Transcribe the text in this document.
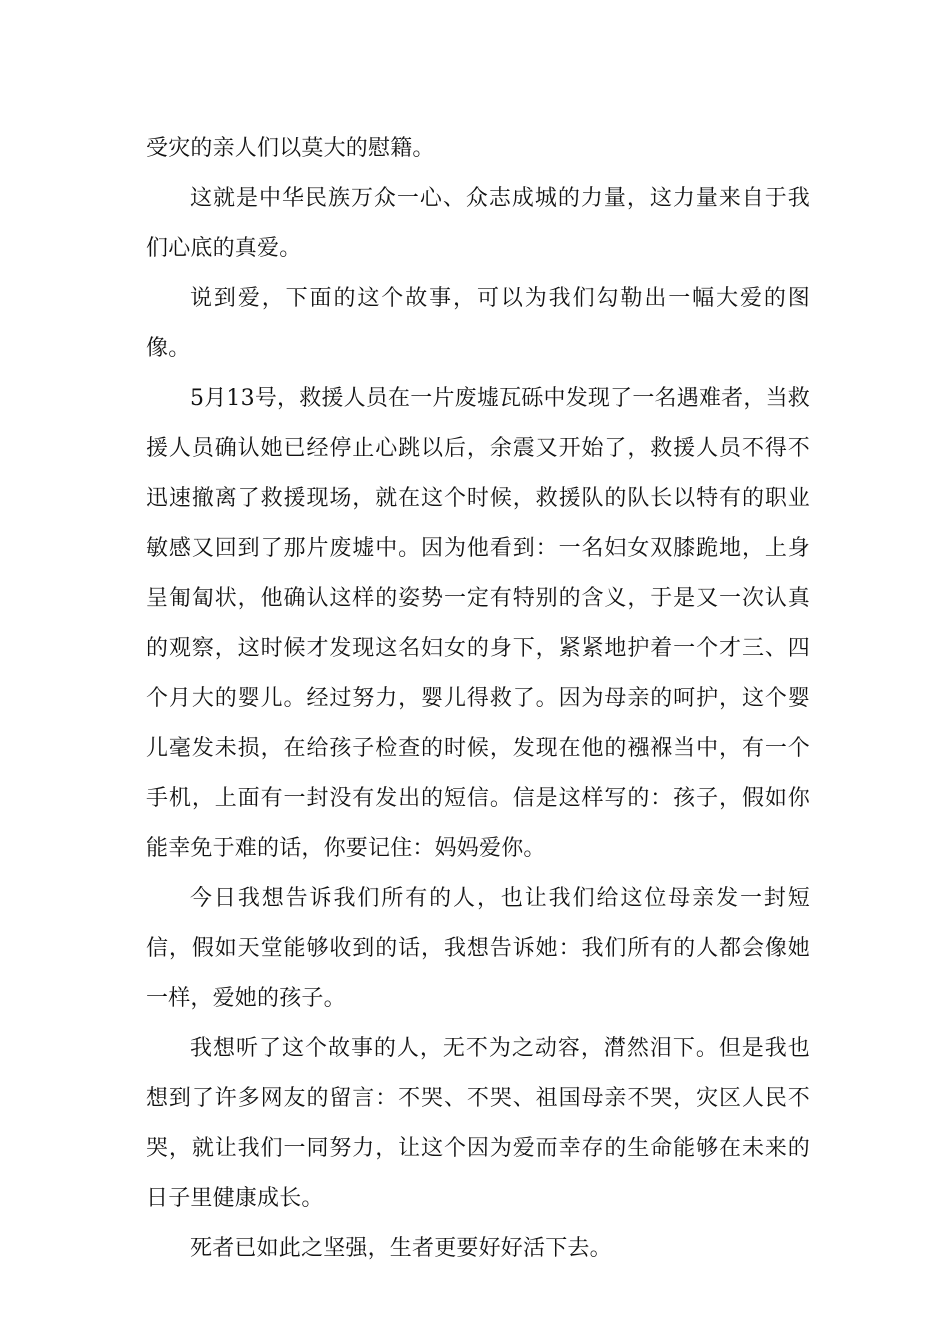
受灾的亲人们以莫大的慰籍。

这就是中华民族万众一心、众志成城的力量，这力量来自于我们心底的真爱。

说到爱，下面的这个故事，可以为我们勾勒出一幅大爱的图像。

5月13号，救援人员在一片废墟瓦砾中发现了一名遇难者，当救援人员确认她已经停止心跳以后，余震又开始了，救援人员不得不迅速撤离了救援现场，就在这个时候，救援队的队长以特有的职业敏感又回到了那片废墟中。因为他看到：一名妇女双膝跪地，上身呈匍匐状，他确认这样的姿势一定有特别的含义，于是又一次认真的观察，这时候才发现这名妇女的身下，紧紧地护着一个才三、四个月大的婴儿。经过努力，婴儿得救了。因为母亲的呵护，这个婴儿毫发未损，在给孩子检查的时候，发现在他的襁褓当中，有一个手机，上面有一封没有发出的短信。信是这样写的：孩子，假如你能幸免于难的话，你要记住：妈妈爱你。

今日我想告诉我们所有的人，也让我们给这位母亲发一封短信，假如天堂能够收到的话，我想告诉她：我们所有的人都会像她一样，爱她的孩子。

我想听了这个故事的人，无不为之动容，潸然泪下。但是我也想到了许多网友的留言：不哭、不哭、祖国母亲不哭，灾区人民不哭，就让我们一同努力，让这个因为爱而幸存的生命能够在未来的日子里健康成长。

死者已如此之坚强，生者更要好好活下去。
